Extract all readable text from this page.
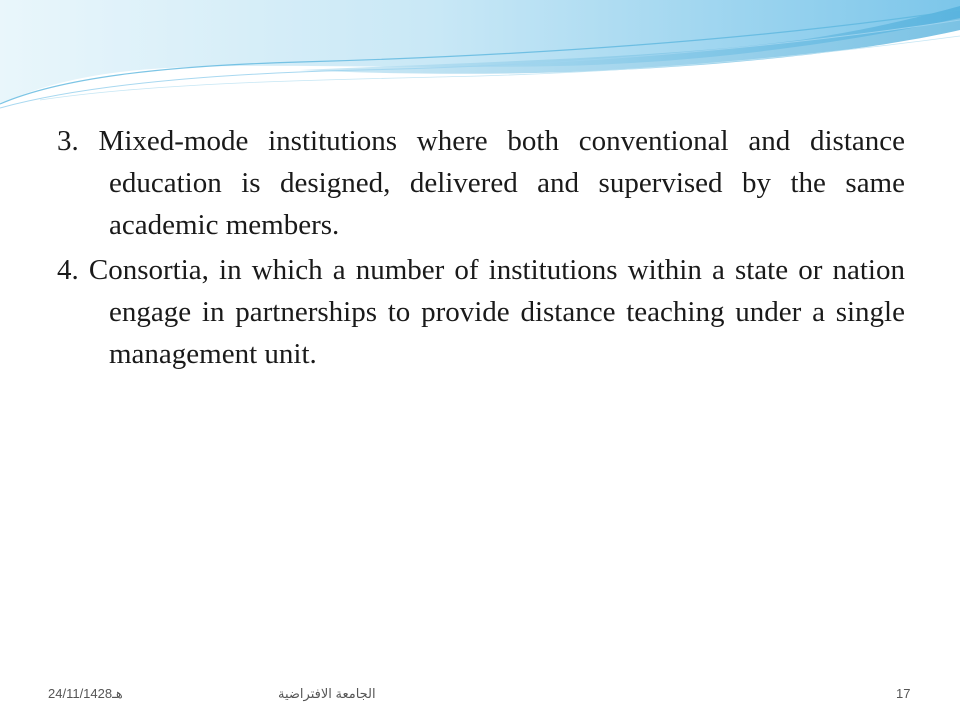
3. Mixed-mode institutions where both conventional and distance education is designed, delivered and supervised by the same academic members.

4. Consortia, in which a number of institutions within a state or nation engage in partnerships to provide distance teaching under a single management unit.

24/11/1428هـ	الجامعة الافتراضية	17
